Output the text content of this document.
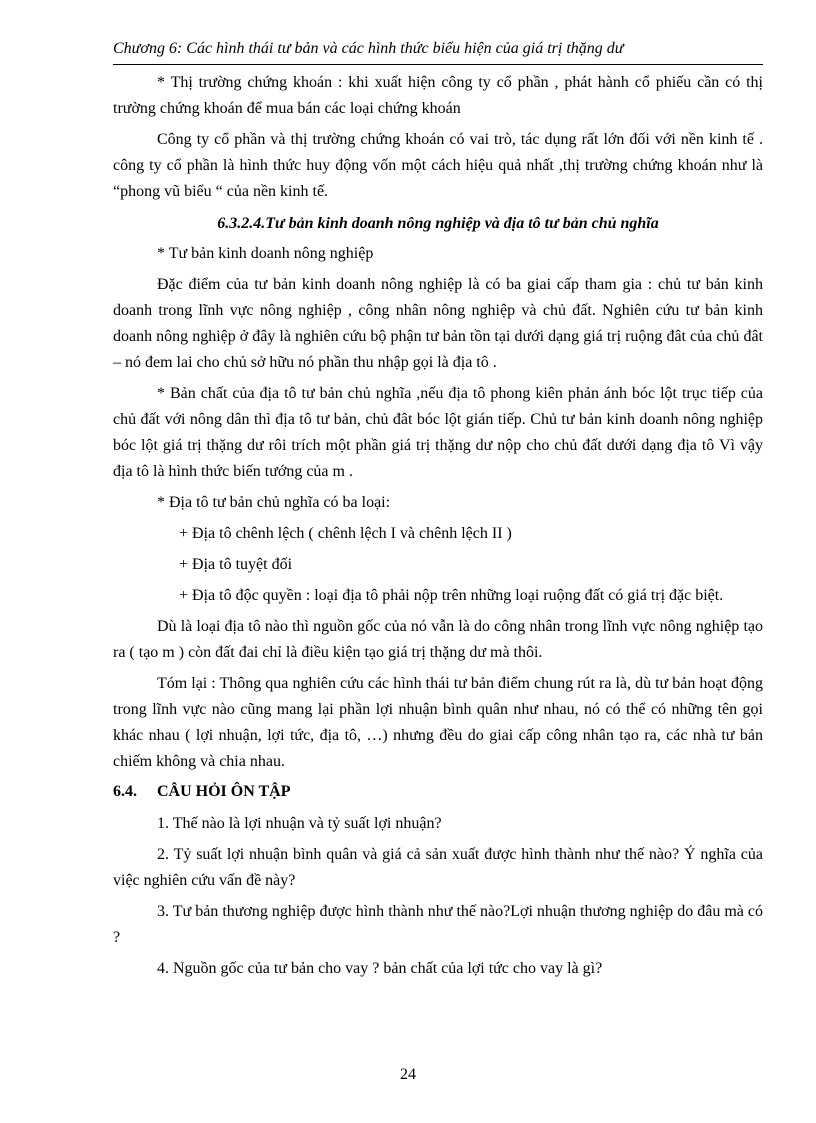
Chương 6: Các hình thái tư bản và các hình thức biểu hiện của giá trị thặng dư

* Thị trường chứng khoán : khi xuất hiện công ty cổ phần , phát hành cổ phiếu cần có thị trường chứng khoán để mua bán các loại chứng khoán

Công ty cổ phần và thị trường chứng khoán có vai trò, tác dụng rất lớn đối với nền kinh tế . công ty cổ phần là hình thức huy động vốn một cách hiệu quả nhất ,thị trường chứng khoán như là “phong vũ biểu “ của nền kinh tế.

6.3.2.4.Tư bản kinh doanh nông nghiệp và địa tô tư bản chủ nghĩa

* Tư bản kinh doanh nông nghiệp

Đặc điểm của tư bản kinh doanh nông nghiệp là có ba giai cấp tham gia : chủ tư bản kinh doanh trong lĩnh vực nông nghiệp , công nhân nông nghiệp và chủ đất. Nghiên cứu tư bản kinh doanh nông nghiệp ở đây là nghiên cứu bộ phận tư bản tồn tại dưới dạng giá trị ruộng đât của chủ đât – nó đem lai cho chủ sở hữu nó phần thu nhập gọi là địa tô .

* Bản chất của địa tô tư bản chủ nghĩa ,nếu địa tô phong kiên phản ánh bóc lột trục tiếp của chủ đất với nông dân thì địa tô tư bản, chủ đât bóc lột gián tiếp. Chủ tư bản kinh doanh nông nghiệp bóc lột giá trị thặng dư rôi trích một phần giá trị thặng dư nộp cho chủ đất dưới dạng địa tô Vì vậy địa tô là hình thức biến tướng của m .

* Địa tô tư bản chủ nghĩa có ba loại:

+ Địa tô chênh lệch ( chênh lệch I và chênh lệch II )

+ Địa tô tuyệt đối

+ Địa tô độc quyền : loại địa tô phải nộp trên những loại ruộng đất có giá trị đặc biệt.

Dù là loại địa tô nào thì nguồn gốc của nó vẫn là do công nhân trong lĩnh vực nông nghiệp tạo ra ( tạo m ) còn đất đai chỉ là điều kiện tạo giá trị thặng dư mà thôi.

Tóm lại : Thông qua nghiên cứu các hình thái tư bản điểm chung rút ra là, dù tư bản hoạt động trong lĩnh vực nào cũng mang lại phần lợi nhuận bình quân như nhau, nó có thể có những tên gọi khác nhau ( lợi nhuận, lợi tức, địa tô, …) nhưng đều do giai cấp công nhân tạo ra, các nhà tư bản chiếm không và chia nhau.

6.4. CÂU HỎI ÔN TẬP

1. Thế nào là lợi nhuận và tỷ suất lợi nhuận?

2. Tỷ suất lợi nhuận bình quân và giá cả sản xuất được hình thành như thế nào? Ý nghĩa của việc nghiên cứu vấn đề này?

3. Tư bản thương nghiệp được hình thành như thế nào?Lợi nhuận thương nghiệp do đâu mà có ?

4. Nguồn gốc của tư bản cho vay ? bản chất của lợi tức cho vay là gì?

24
